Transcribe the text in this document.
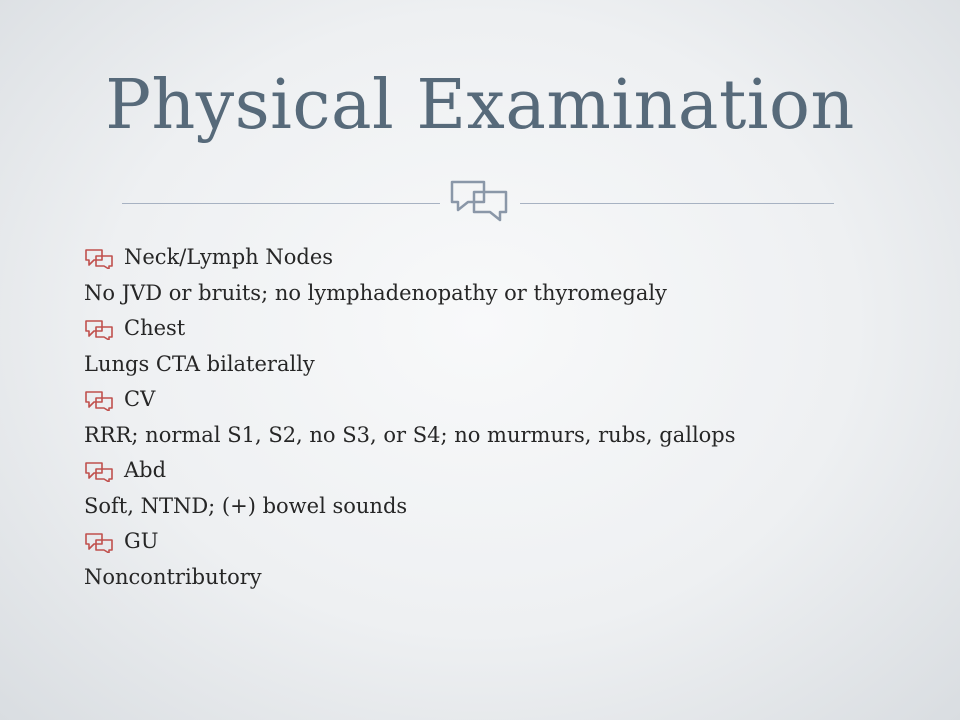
Physical Examination
Neck/Lymph Nodes
No JVD or bruits; no lymphadenopathy or thyromegaly
Chest
Lungs CTA bilaterally
CV
RRR; normal S1, S2, no S3, or S4; no murmurs, rubs, gallops
Abd
Soft, NTND; (+) bowel sounds
GU
Noncontributory
